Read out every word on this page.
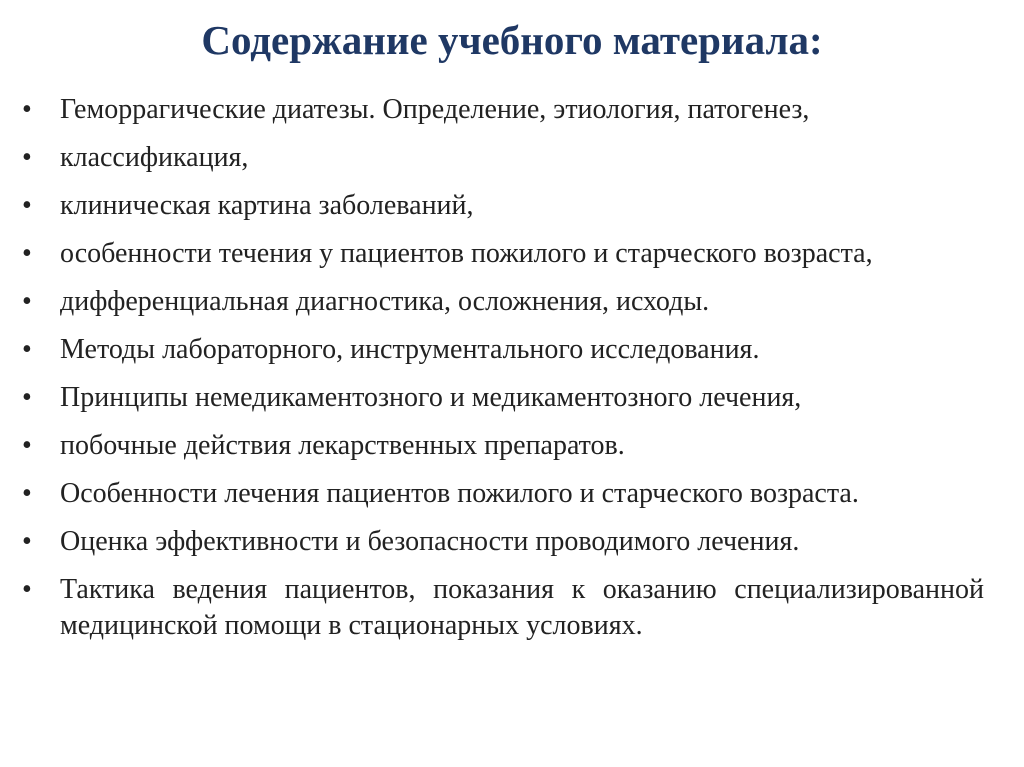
Содержание учебного материала:
•	Геморрагические диатезы. Определение, этиология, патогенез,
•	классификация,
•	клиническая картина заболеваний,
•	особенности течения у пациентов пожилого и старческого возраста,
•	дифференциальная диагностика, осложнения, исходы.
•	Методы лабораторного, инструментального исследования.
•	Принципы немедикаментозного и медикаментозного лечения,
•	побочные действия лекарственных препаратов.
•	Особенности лечения пациентов пожилого и старческого возраста.
•	Оценка эффективности и безопасности проводимого лечения.
•	Тактика ведения пациентов, показания к оказанию специализированной медицинской помощи в стационарных условиях.
